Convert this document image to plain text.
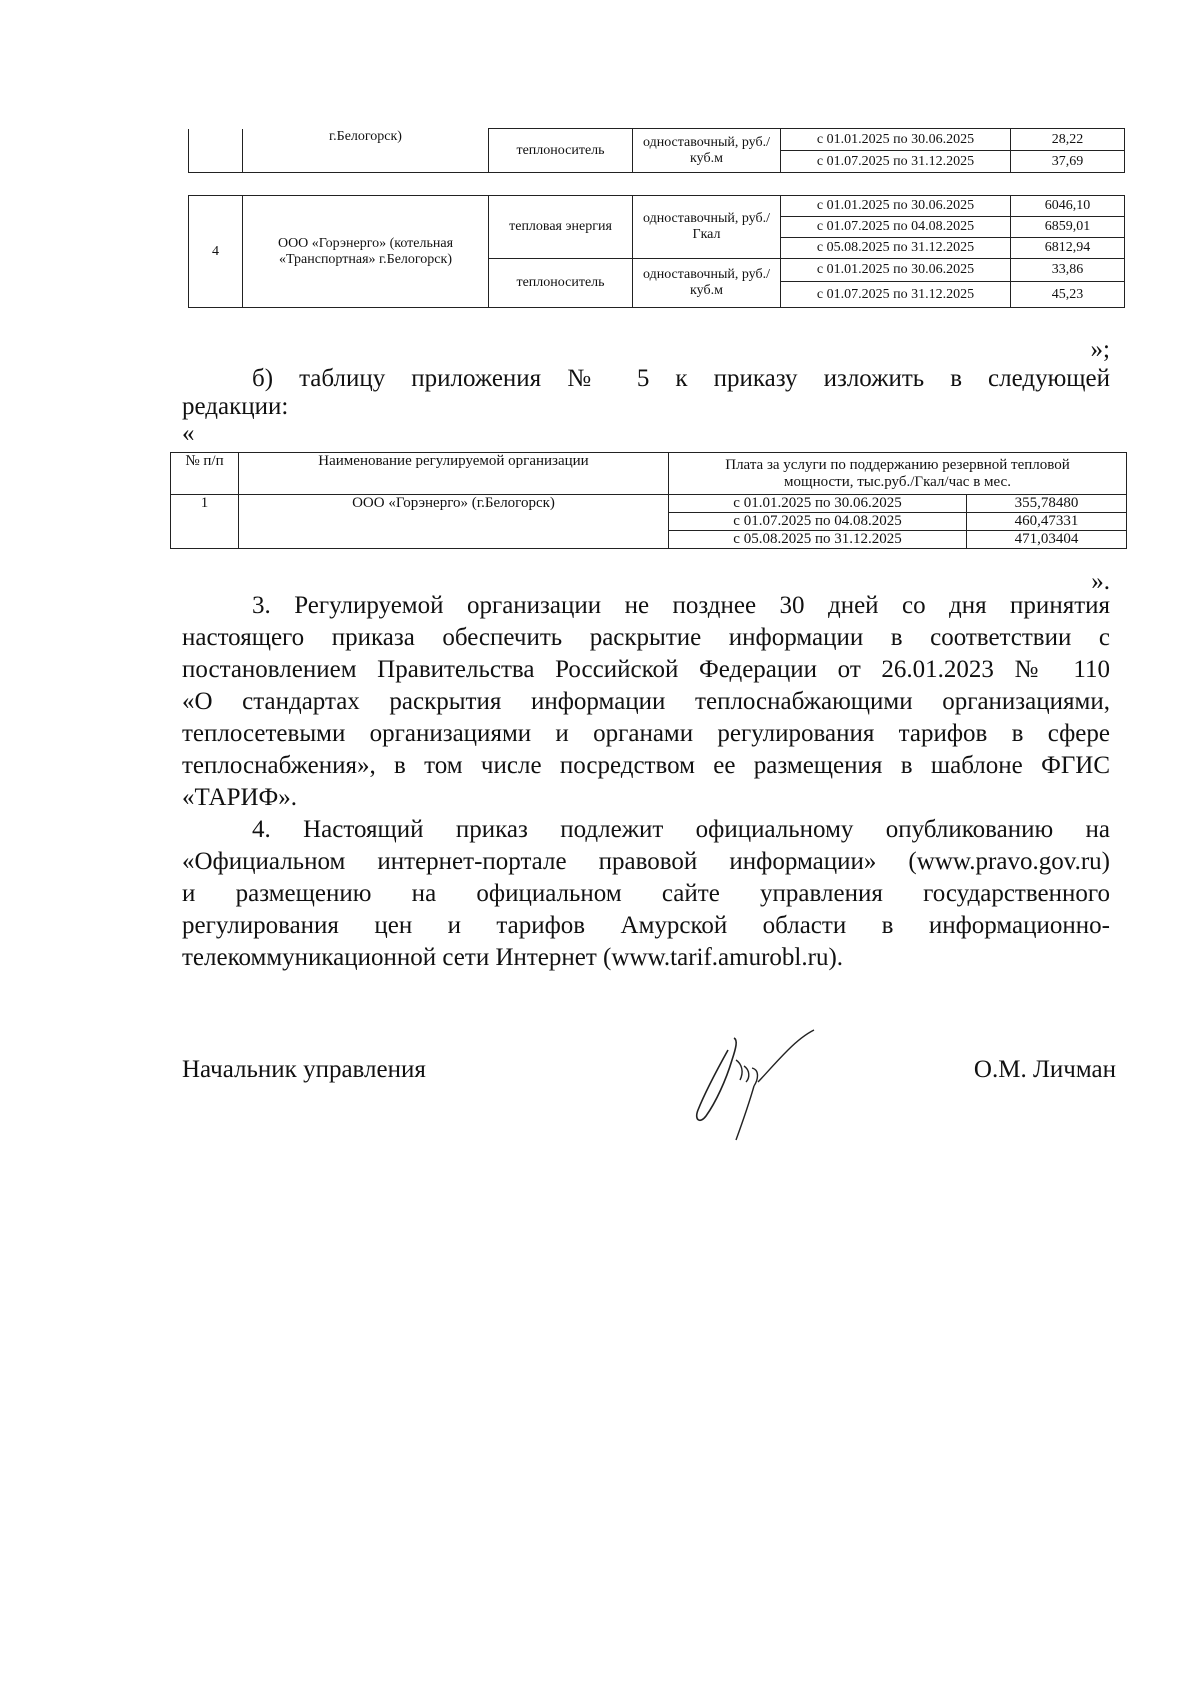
	г.Белогорск)	теплоноситель	одноставочный, руб./куб.м	с 01.01.2025 по 30.06.2025	28,22
				с 01.07.2025 по 31.12.2025	37,69
4	ООО «Горэнерго» (котельная «Транспортная» г.Белогорск)	тепловая энергия	одноставочный, руб./Гкал	с 01.01.2025 по 30.06.2025	6046,10
				с 01.07.2025 по 04.08.2025	6859,01
				с 05.08.2025 по 31.12.2025	6812,94
		теплоноситель	одноставочный, руб./куб.м	с 01.01.2025 по 30.06.2025	33,86
				с 01.07.2025 по 31.12.2025	45,23
»;
б) таблицу приложения № 5 к приказу изложить в следующей
редакции:
«
№ п/п	Наименование регулируемой организации	Плата за услуги по поддержанию резервной тепловой мощности, тыс.руб./Гкал/час в мес.	
1	ООО «Горэнерго» (г.Белогорск)	с 01.01.2025 по 30.06.2025	355,78480
		с 01.07.2025 по 04.08.2025	460,47331
		с 05.08.2025 по 31.12.2025	471,03404
».
3. Регулируемой организации не позднее 30 дней со дня принятия
настоящего приказа обеспечить раскрытие информации в соответствии с
постановлением Правительства Российской Федерации от 26.01.2023 № 110
«О стандартах раскрытия информации теплоснабжающими организациями,
теплосетевыми организациями и органами регулирования тарифов в сфере
теплоснабжения», в том числе посредством ее размещения в шаблоне ФГИС
«ТАРИФ».
4. Настоящий приказ подлежит официальному опубликованию на
«Официальном интернет-портале правовой информации» (www.pravo.gov.ru)
и размещению на официальном сайте управления государственного
регулирования цен и тарифов Амурской области в информационно-
телекоммуникационной сети Интернет (www.tarif.amurobl.ru).
Начальник управления	О.М. Личман
